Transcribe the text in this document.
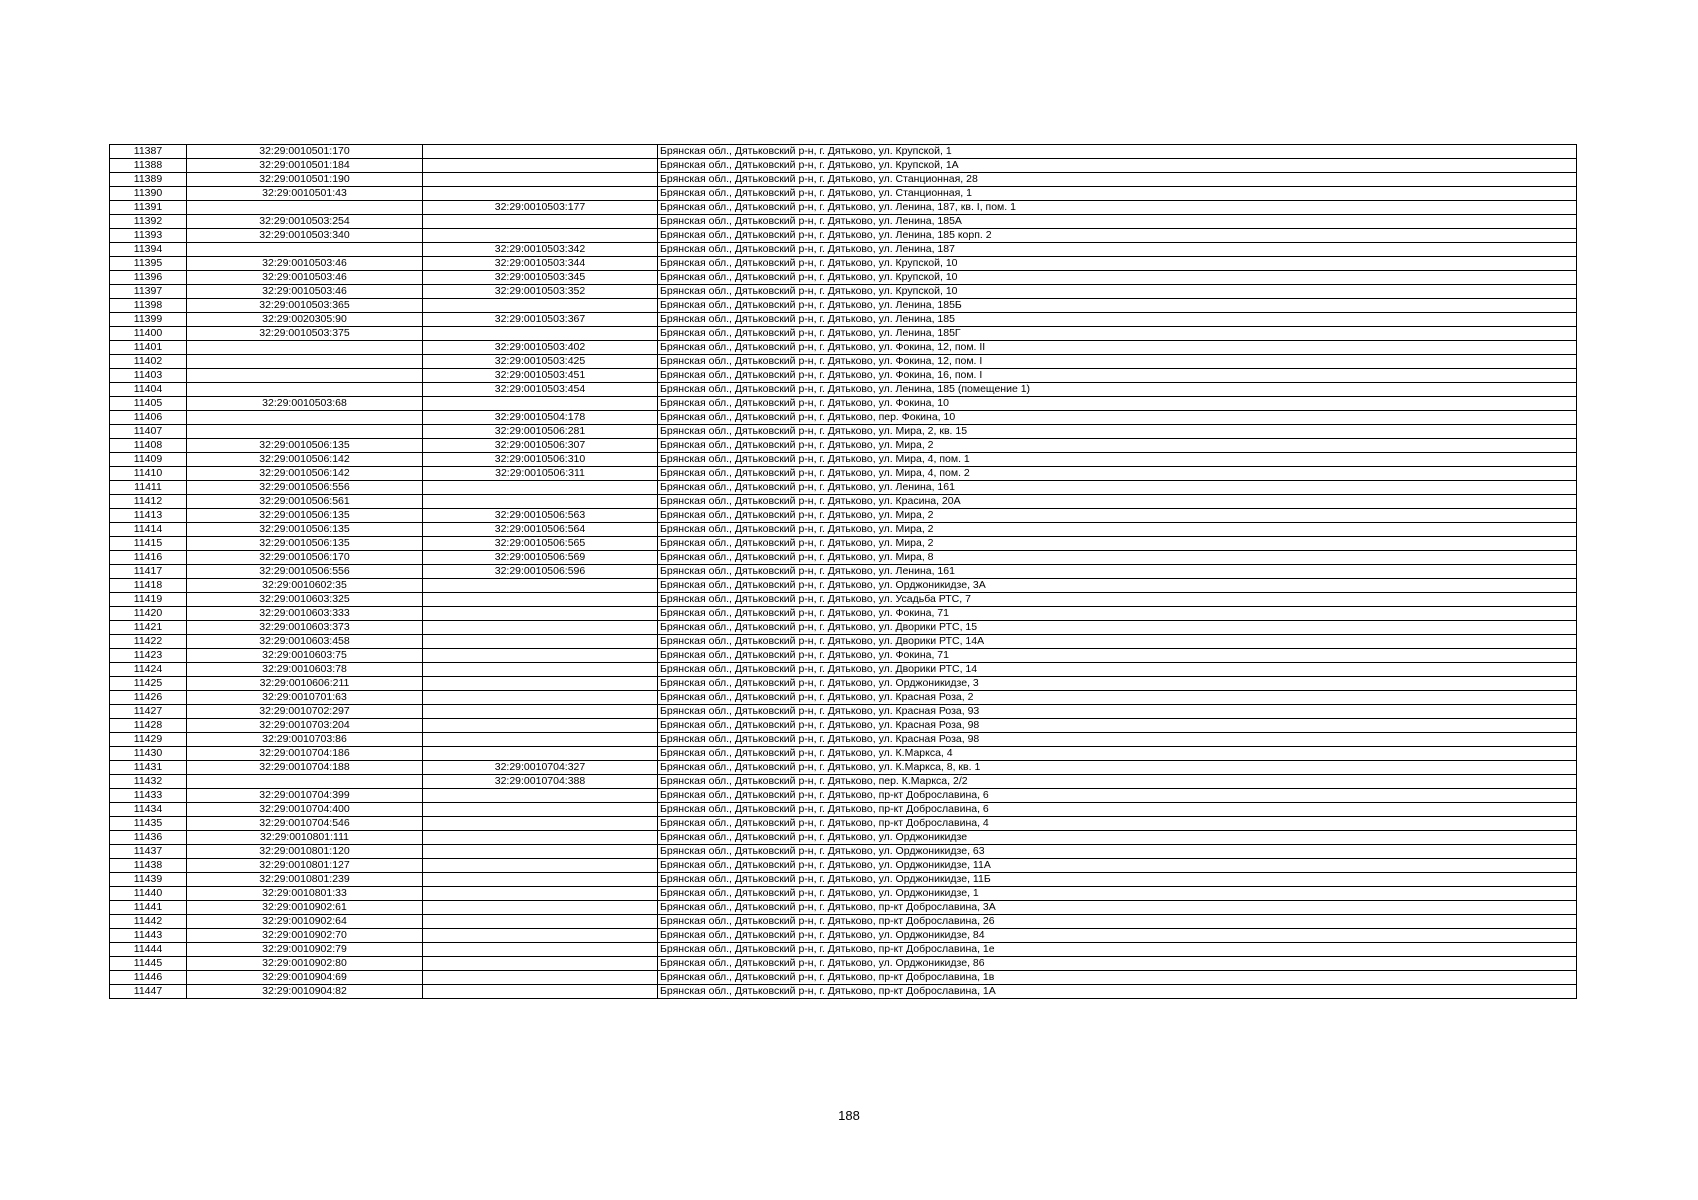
11387	32:29:0010501:170		Брянская обл., Дятьковский р-н, г. Дятьково, ул. Крупской, 1
11388	32:29:0010501:184		Брянская обл., Дятьковский р-н, г. Дятьково, ул. Крупской, 1А
11389	32:29:0010501:190		Брянская обл., Дятьковский р-н, г. Дятьково, ул. Станционная, 28
11390	32:29:0010501:43		Брянская обл., Дятьковский р-н, г. Дятьково, ул. Станционная, 1
11391		32:29:0010503:177	Брянская обл., Дятьковский р-н, г. Дятьково, ул. Ленина, 187, кв. I, пом. 1
11392	32:29:0010503:254		Брянская обл., Дятьковский р-н, г. Дятьково, ул. Ленина, 185А
11393	32:29:0010503:340		Брянская обл., Дятьковский р-н, г. Дятьково, ул. Ленина, 185 корп. 2
11394		32:29:0010503:342	Брянская обл., Дятьковский р-н, г. Дятьково, ул. Ленина, 187
11395	32:29:0010503:46	32:29:0010503:344	Брянская обл., Дятьковский р-н, г. Дятьково, ул. Крупской, 10
11396	32:29:0010503:46	32:29:0010503:345	Брянская обл., Дятьковский р-н, г. Дятьково, ул. Крупской, 10
11397	32:29:0010503:46	32:29:0010503:352	Брянская обл., Дятьковский р-н, г. Дятьково, ул. Крупской, 10
11398	32:29:0010503:365		Брянская обл., Дятьковский р-н, г. Дятьково, ул. Ленина, 185Б
11399	32:29:0020305:90	32:29:0010503:367	Брянская обл., Дятьковский р-н, г. Дятьково, ул. Ленина, 185
11400	32:29:0010503:375		Брянская обл., Дятьковский р-н, г. Дятьково, ул. Ленина, 185Г
11401		32:29:0010503:402	Брянская обл., Дятьковский р-н, г. Дятьково, ул. Фокина, 12, пом. II
11402		32:29:0010503:425	Брянская обл., Дятьковский р-н, г. Дятьково, ул. Фокина, 12, пом. I
11403		32:29:0010503:451	Брянская обл., Дятьковский р-н, г. Дятьково, ул. Фокина, 16, пом. I
11404		32:29:0010503:454	Брянская обл., Дятьковский р-н, г. Дятьково, ул. Ленина, 185 (помещение 1)
11405	32:29:0010503:68		Брянская обл., Дятьковский р-н, г. Дятьково, ул. Фокина, 10
11406		32:29:0010504:178	Брянская обл., Дятьковский р-н, г. Дятьково, пер. Фокина, 10
11407		32:29:0010506:281	Брянская обл., Дятьковский р-н, г. Дятьково, ул. Мира, 2, кв. 15
11408	32:29:0010506:135	32:29:0010506:307	Брянская обл., Дятьковский р-н, г. Дятьково, ул. Мира, 2
11409	32:29:0010506:142	32:29:0010506:310	Брянская обл., Дятьковский р-н, г. Дятьково, ул. Мира, 4, пом. 1
11410	32:29:0010506:142	32:29:0010506:311	Брянская обл., Дятьковский р-н, г. Дятьково, ул. Мира, 4, пом. 2
11411	32:29:0010506:556		Брянская обл., Дятьковский р-н, г. Дятьково, ул. Ленина, 161
11412	32:29:0010506:561		Брянская обл., Дятьковский р-н, г. Дятьково, ул. Красина, 20А
11413	32:29:0010506:135	32:29:0010506:563	Брянская обл., Дятьковский р-н, г. Дятьково, ул. Мира, 2
11414	32:29:0010506:135	32:29:0010506:564	Брянская обл., Дятьковский р-н, г. Дятьково, ул. Мира, 2
11415	32:29:0010506:135	32:29:0010506:565	Брянская обл., Дятьковский р-н, г. Дятьково, ул. Мира, 2
11416	32:29:0010506:170	32:29:0010506:569	Брянская обл., Дятьковский р-н, г. Дятьково, ул. Мира, 8
11417	32:29:0010506:556	32:29:0010506:596	Брянская обл., Дятьковский р-н, г. Дятьково, ул. Ленина, 161
11418	32:29:0010602:35		Брянская обл., Дятьковский р-н, г. Дятьково, ул. Орджоникидзе, 3А
11419	32:29:0010603:325		Брянская обл., Дятьковский р-н, г. Дятьково, ул. Усадьба РТС, 7
11420	32:29:0010603:333		Брянская обл., Дятьковский р-н, г. Дятьково, ул. Фокина, 71
11421	32:29:0010603:373		Брянская обл., Дятьковский р-н, г. Дятьково, ул. Дворики РТС, 15
11422	32:29:0010603:458		Брянская обл., Дятьковский р-н, г. Дятьково, ул. Дворики РТС, 14А
11423	32:29:0010603:75		Брянская обл., Дятьковский р-н, г. Дятьково, ул. Фокина, 71
11424	32:29:0010603:78		Брянская обл., Дятьковский р-н, г. Дятьково, ул. Дворики РТС, 14
11425	32:29:0010606:211		Брянская обл., Дятьковский р-н, г. Дятьково, ул. Орджоникидзе, 3
11426	32:29:0010701:63		Брянская обл., Дятьковский р-н, г. Дятьково, ул. Красная Роза, 2
11427	32:29:0010702:297		Брянская обл., Дятьковский р-н, г. Дятьково, ул. Красная Роза, 93
11428	32:29:0010703:204		Брянская обл., Дятьковский р-н, г. Дятьково, ул. Красная Роза, 98
11429	32:29:0010703:86		Брянская обл., Дятьковский р-н, г. Дятьково, ул. Красная Роза, 98
11430	32:29:0010704:186		Брянская обл., Дятьковский р-н, г. Дятьково, ул. К.Маркса, 4
11431	32:29:0010704:188	32:29:0010704:327	Брянская обл., Дятьковский р-н, г. Дятьково, ул. К.Маркса, 8, кв. 1
11432		32:29:0010704:388	Брянская обл., Дятьковский р-н, г. Дятьково, пер. К.Маркса, 2/2
11433	32:29:0010704:399		Брянская обл., Дятьковский р-н, г. Дятьково, пр-кт Доброславина, 6
11434	32:29:0010704:400		Брянская обл., Дятьковский р-н, г. Дятьково, пр-кт Доброславина, 6
11435	32:29:0010704:546		Брянская обл., Дятьковский р-н, г. Дятьково, пр-кт Доброславина, 4
11436	32:29:0010801:111		Брянская обл., Дятьковский р-н, г. Дятьково, ул. Орджоникидзе
11437	32:29:0010801:120		Брянская обл., Дятьковский р-н, г. Дятьково, ул. Орджоникидзе, 63
11438	32:29:0010801:127		Брянская обл., Дятьковский р-н, г. Дятьково, ул. Орджоникидзе, 11А
11439	32:29:0010801:239		Брянская обл., Дятьковский р-н, г. Дятьково, ул. Орджоникидзе, 11Б
11440	32:29:0010801:33		Брянская обл., Дятьковский р-н, г. Дятьково, ул. Орджоникидзе, 1
11441	32:29:0010902:61		Брянская обл., Дятьковский р-н, г. Дятьково, пр-кт Доброславина, 3А
11442	32:29:0010902:64		Брянская обл., Дятьковский р-н, г. Дятьково, пр-кт Доброславина, 26
11443	32:29:0010902:70		Брянская обл., Дятьковский р-н, г. Дятьково, ул. Орджоникидзе, 84
11444	32:29:0010902:79		Брянская обл., Дятьковский р-н, г. Дятьково, пр-кт Доброславина, 1е
11445	32:29:0010902:80		Брянская обл., Дятьковский р-н, г. Дятьково, ул. Орджоникидзе, 86
11446	32:29:0010904:69		Брянская обл., Дятьковский р-н, г. Дятьково, пр-кт Доброславина, 1в
11447	32:29:0010904:82		Брянская обл., Дятьковский р-н, г. Дятьково, пр-кт Доброславина, 1А
188
